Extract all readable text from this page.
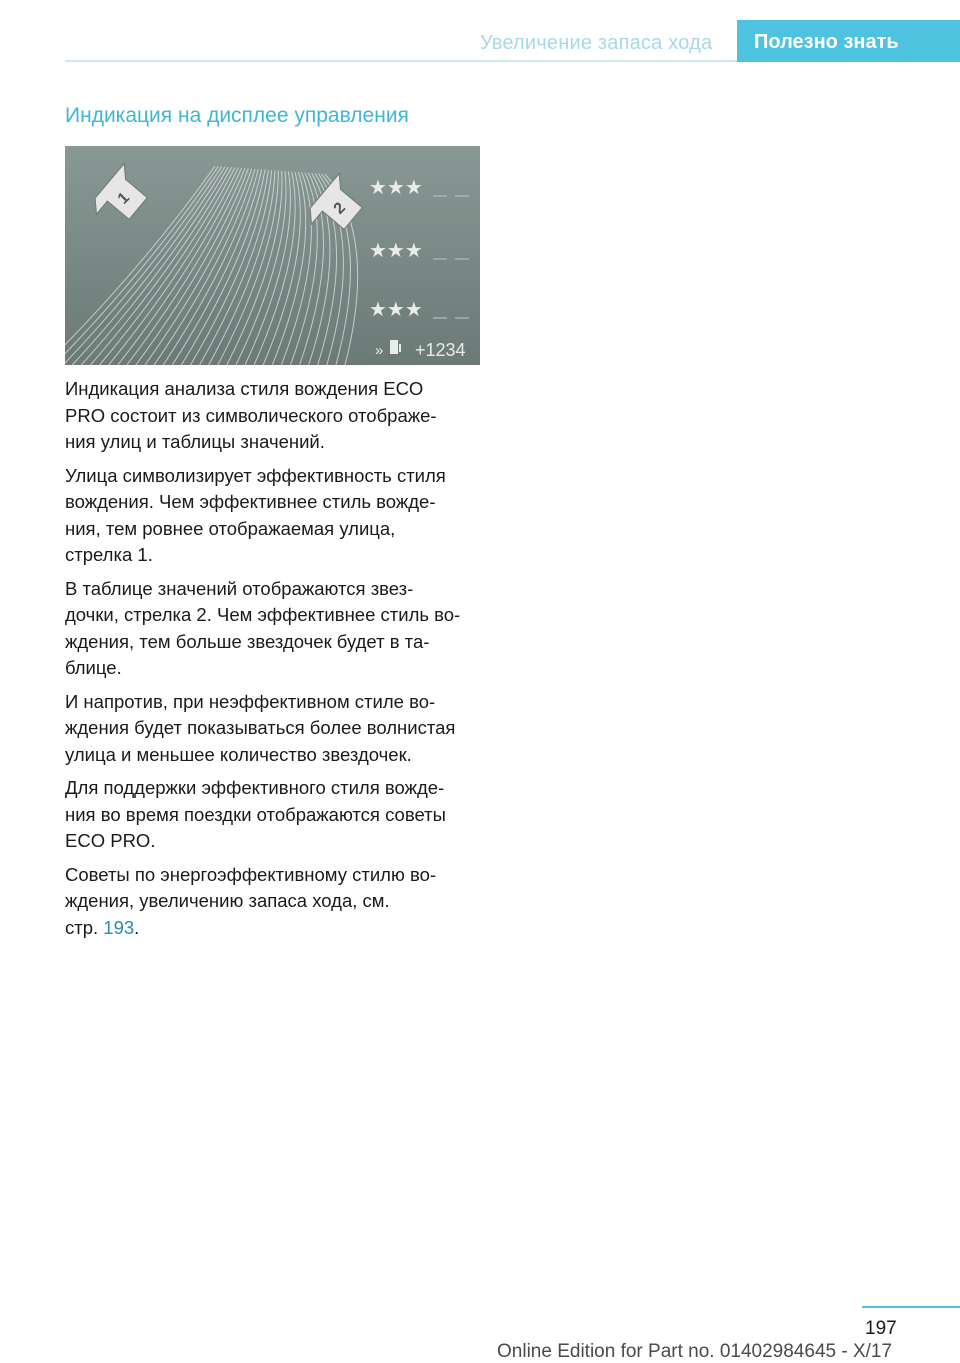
Увеличение запаса хода	Полезно знать
Индикация на дисплее управления
1
2
★★★
★★★
★★★
» +1234

Индикация анализа стиля вождения ECO
PRO состоит из символического отображе-
ния улиц и таблицы значений.

Улица символизирует эффективность стиля
вождения. Чем эффективнее стиль вожде-
ния, тем ровнее отображаемая улица,
стрелка 1.

В таблице значений отображаются звез-
дочки, стрелка 2. Чем эффективнее стиль во-
ждения, тем больше звездочек будет в та-
блице.

И напротив, при неэффективном стиле во-
ждения будет показываться более волнистая
улица и меньшее количество звездочек.

Для поддержки эффективного стиля вожде-
ния во время поездки отображаются советы
ECO PRO.

Советы по энергоэффективному стилю во-
ждения, увеличению запаса хода, см.
стр. 193.

197
Online Edition for Part no. 01402984645 - X/17
